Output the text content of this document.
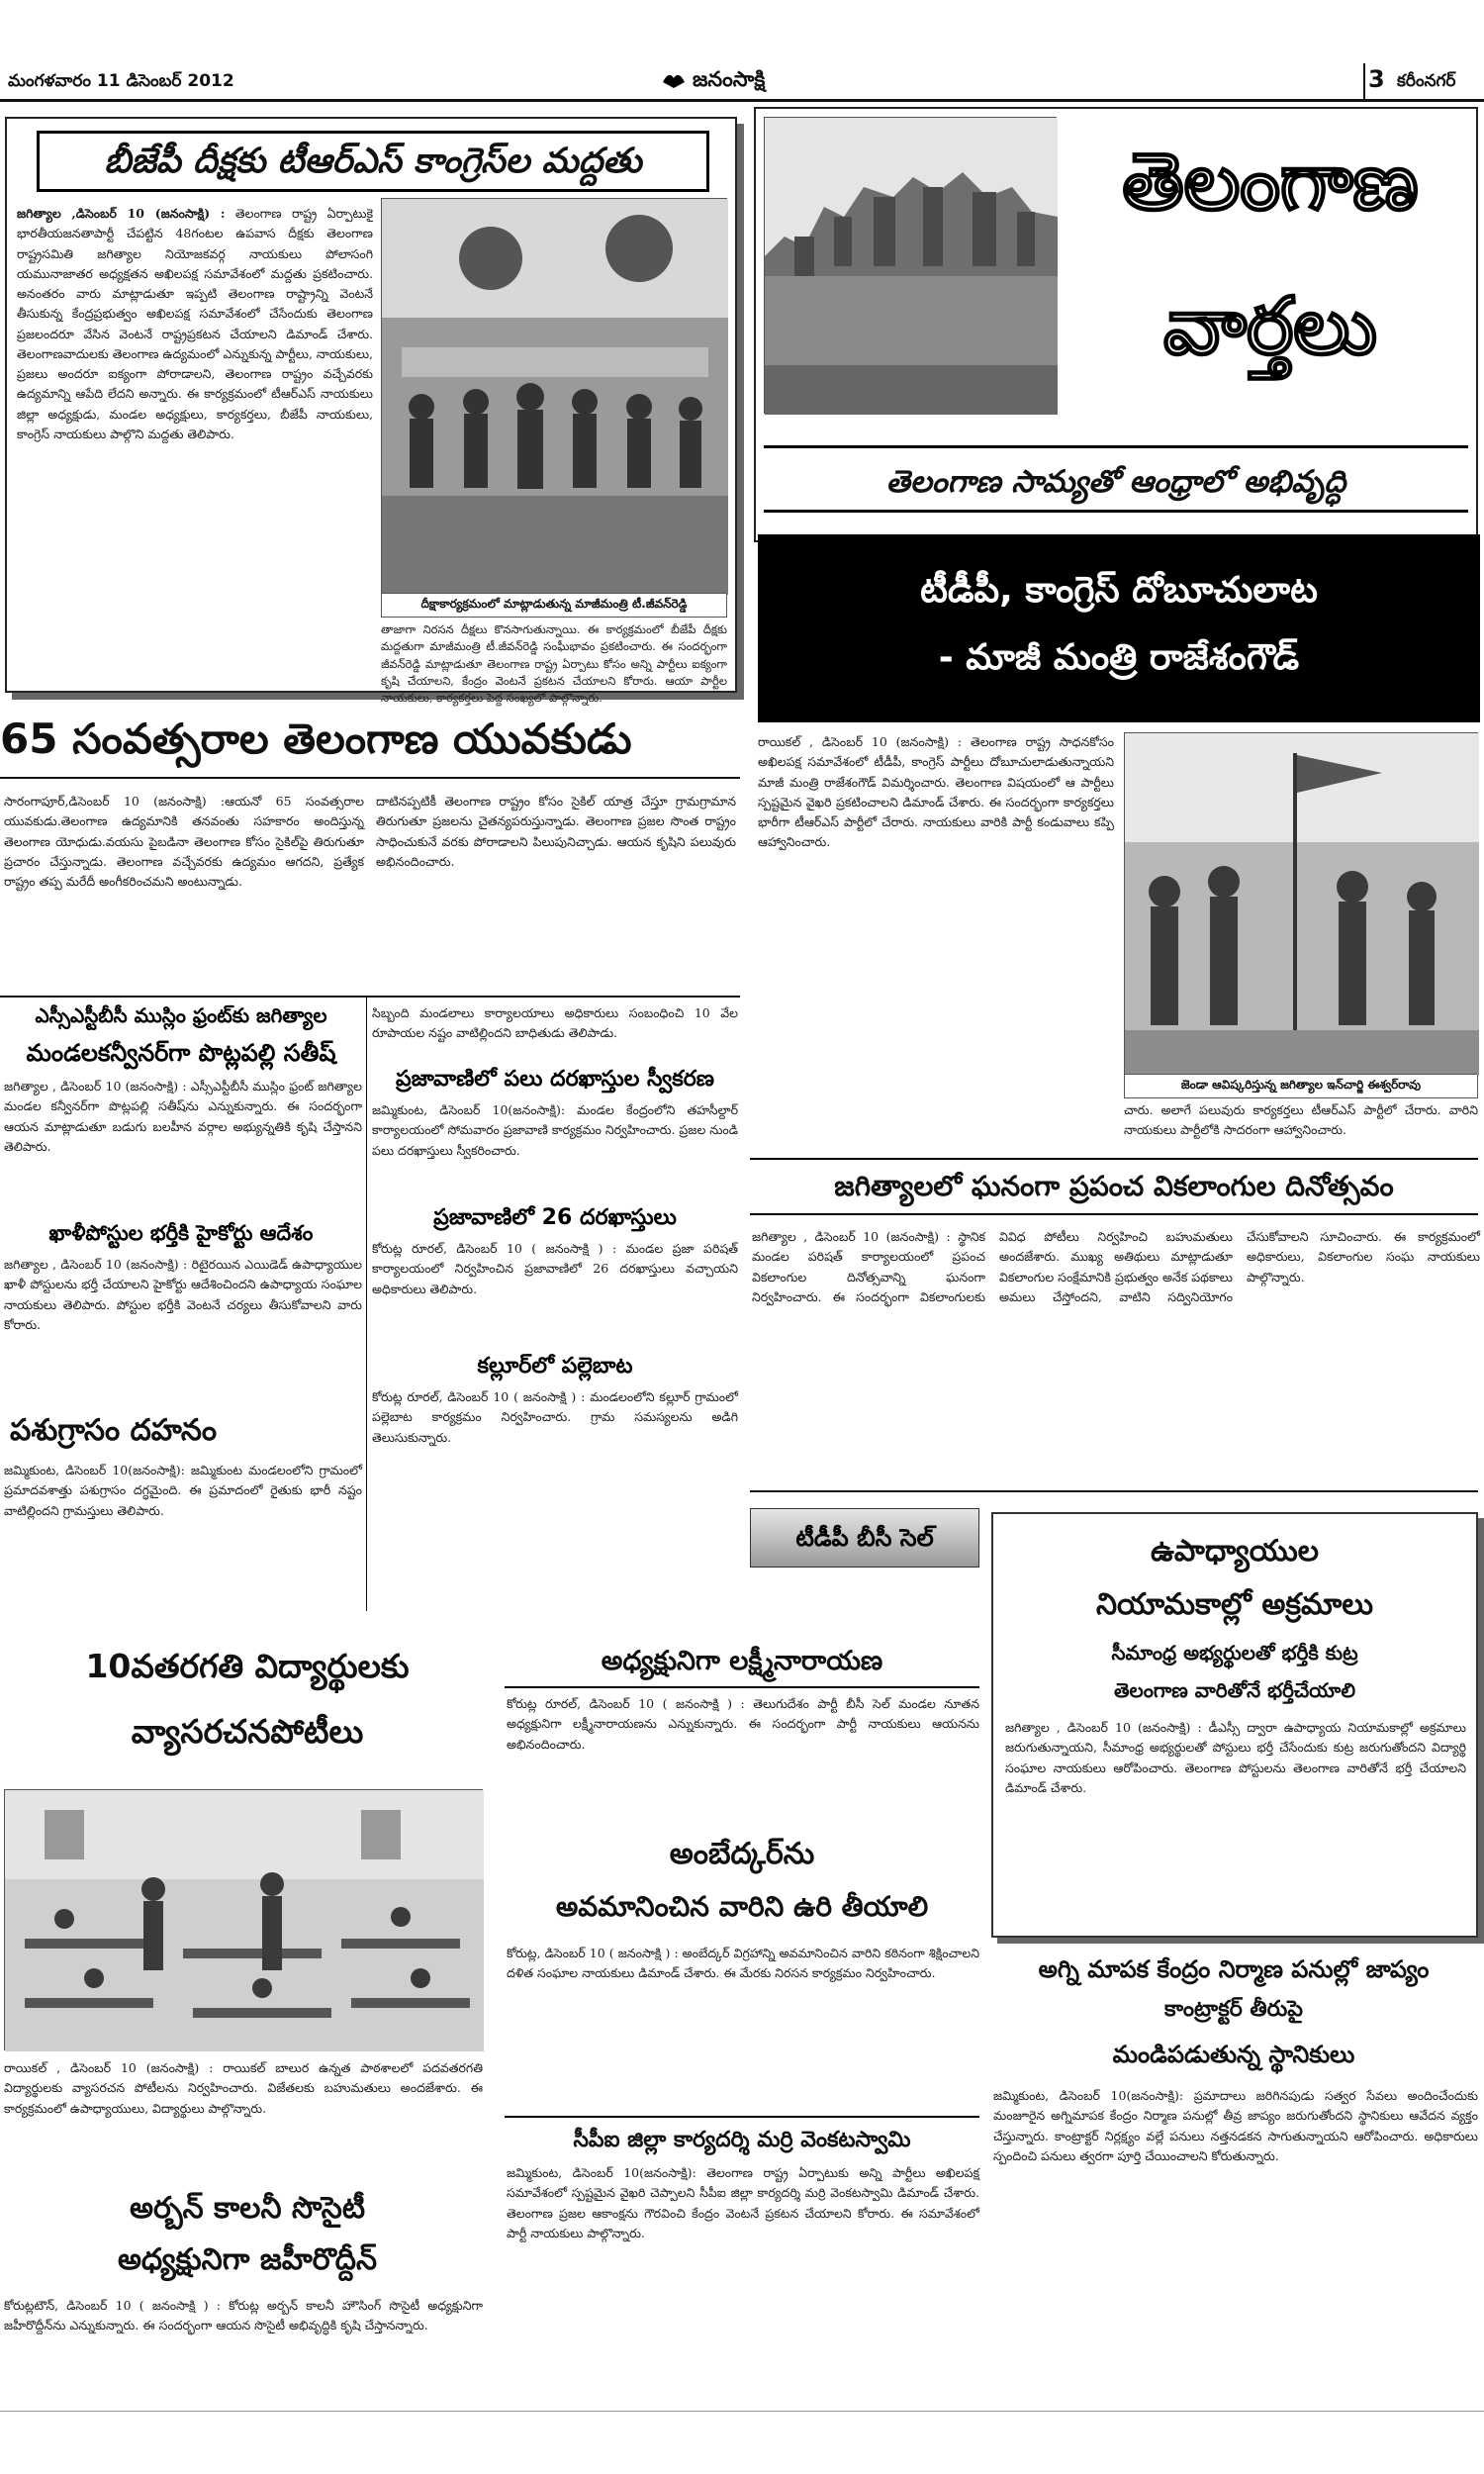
మంగళవారం 11 డిసెంబర్ 2012	జనంసాక్షి	3 కరీంనగర్
బీజేపీ దీక్షకు టీఆర్ఎస్ కాంగ్రెస్‌ల మద్దతు
జగిత్యాల ,డిసెంబర్ 10 (జనంసాక్షి) : తెలంగాణ రాష్ట్ర ఏర్పాటుకై భారతీయజనతాపార్టీ చేపట్టిన 48గంటల ఉపవాస దీక్షకు తెలంగాణ రాష్ట్రసమితి జగిత్యాల నియోజకవర్గ నాయకులు పోలాసంగి యమునాజాతర అధ్యక్షతన అఖిలపక్ష సమావేశంలో మద్దతు ప్రకటించారు. అనంతరం వారు మాట్లాడుతూ ఇప్పటి తెలంగాణ రాష్ట్రాన్ని వెంటనే తీసుకున్న కేంద్రప్రభుత్వం అఖిలపక్ష సమావేశంలో చేసేందుకు తెలంగాణ ప్రజలందరూ వేసిన వెంటనే రాష్ట్రప్రకటన చేయాలని డిమాండ్ చేశారు. తెలంగాణవాదులకు తెలంగాణ ఉద్యమంలో ఎన్నుకున్న పార్టీలు, నాయకులు, ప్రజలు అందరూ ఐక్యంగా పోరాడాలని, తెలంగాణ రాష్ట్రం వచ్చేవరకు ఉద్యమాన్ని ఆపేది లేదని అన్నారు. ఈ కార్యక్రమంలో టీఆర్ఎస్ నాయకులు జిల్లా అధ్యక్షుడు, మండల అధ్యక్షులు, కార్యకర్తలు, బీజేపీ నాయకులు, కాంగ్రెస్ నాయకులు పాల్గొని మద్దతు తెలిపారు.
దీక్షాకార్యక్రమంలో మాట్లాడుతున్న మాజీమంత్రి టీ.జీవన్‌రెడ్డి
తాజాగా నిరసన దీక్షలు కొనసాగుతున్నాయి. ఈ కార్యక్రమంలో బీజేపీ దీక్షకు మద్దతుగా మాజీమంత్రి టీ.జీవన్‌రెడ్డి సంఘీభావం ప్రకటించారు. ఈ సందర్భంగా జీవన్‌రెడ్డి మాట్లాడుతూ తెలంగాణ రాష్ట్ర ఏర్పాటు కోసం అన్ని పార్టీలు ఐక్యంగా కృషి చేయాలని, కేంద్రం వెంటనే ప్రకటన చేయాలని కోరారు. ఆయా పార్టీల నాయకులు, కార్యకర్తలు పెద్ద సంఖ్యలో పాల్గొన్నారు.
తెలంగాణ
వార్తలు
తెలంగాణ సామ్యతో ఆంధ్రాలో అభివృద్ధి
టీడీపీ, కాంగ్రెస్ దోబూచులాట
- మాజీ మంత్రి రాజేశంగౌడ్
రాయికల్ , డిసెంబర్ 10 (జనంసాక్షి) : తెలంగాణ రాష్ట్ర సాధనకోసం అఖిలపక్ష సమావేశంలో టీడీపీ, కాంగ్రెస్ పార్టీలు దోబూచులాడుతున్నాయని మాజీ మంత్రి రాజేశంగౌడ్ విమర్శించారు. తెలంగాణ విషయంలో ఆ పార్టీలు స్పష్టమైన వైఖరి ప్రకటించాలని డిమాండ్ చేశారు. ఈ సందర్భంగా కార్యకర్తలు భారీగా టీఆర్ఎస్ పార్టీలో చేరారు. నాయకులు వారికి పార్టీ కండువాలు కప్పి ఆహ్వానించారు.
జెండా ఆవిష్కరిస్తున్న జగిత్యాల ఇన్‌చార్జి ఈశ్వర్‌రావు
చారు. అలాగే పలువురు కార్యకర్తలు టీఆర్ఎస్ పార్టీలో చేరారు. వారిని నాయకులు పార్టీలోకి సాదరంగా ఆహ్వానించారు.
65 సంవత్సరాల తెలంగాణ యువకుడు
సారంగాపూర్,డిసెంబర్ 10 (జనంసాక్షి) :ఆయనో 65 సంవత్సరాల యువకుడు.తెలంగాణ ఉద్యమానికి తనవంతు సహకారం అందిస్తున్న తెలంగాణ యోధుడు.వయసు పైబడినా తెలంగాణ కోసం సైకిల్‌పై తిరుగుతూ ప్రచారం చేస్తున్నాడు. తెలంగాణ వచ్చేవరకు ఉద్యమం ఆగదని, ప్రత్యేక రాష్ట్రం తప్ప మరేదీ అంగీకరించమని అంటున్నాడు.
దాటినప్పటికీ తెలంగాణ రాష్ట్రం కోసం సైకిల్ యాత్ర చేస్తూ గ్రామగ్రామాన తిరుగుతూ ప్రజలను చైతన్యపరుస్తున్నాడు. తెలంగాణ ప్రజల సొంత రాష్ట్రం సాధించుకునే వరకు పోరాడాలని పిలుపునిచ్చాడు. ఆయన కృషిని పలువురు అభినందించారు.
ఎస్సీఎస్టీబీసీ ముస్లిం ఫ్రంట్‌కు జగిత్యాల
మండలకన్వీనర్‌గా పొట్లపల్లి సతీష్
జగిత్యాల , డిసెంబర్ 10 (జనంసాక్షి) : ఎస్సీఎస్టీబీసీ ముస్లిం ఫ్రంట్ జగిత్యాల మండల కన్వీనర్‌గా పొట్లపల్లి సతీష్‌ను ఎన్నుకున్నారు. ఈ సందర్భంగా ఆయన మాట్లాడుతూ బడుగు బలహీన వర్గాల అభ్యున్నతికి కృషి చేస్తానని తెలిపారు.
ఖాళీపోస్టుల భర్తీకి హైకోర్టు ఆదేశం
జగిత్యాల , డిసెంబర్ 10 (జనంసాక్షి) : రిటైరయిన ఎయిడెడ్ ఉపాధ్యాయుల ఖాళీ పోస్టులను భర్తీ చేయాలని హైకోర్టు ఆదేశించిందని ఉపాధ్యాయ సంఘాల నాయకులు తెలిపారు. పోస్టుల భర్తీకి వెంటనే చర్యలు తీసుకోవాలని వారు కోరారు.
పశుగ్రాసం దహనం
జమ్మికుంట, డిసెంబర్ 10(జనంసాక్షి): జమ్మికుంట మండలంలోని గ్రామంలో ప్రమాదవశాత్తు పశుగ్రాసం దగ్ధమైంది. ఈ ప్రమాదంలో రైతుకు భారీ నష్టం వాటిల్లిందని గ్రామస్తులు తెలిపారు.
సిబ్బంది మండలాలు కార్యాలయాలు అధికారులు సంబంధించి 10 వేల రూపాయల నష్టం వాటిల్లిందని బాధితుడు తెలిపాడు.
ప్రజావాణిలో పలు దరఖాస్తుల స్వీకరణ
జమ్మికుంట, డిసెంబర్ 10(జనంసాక్షి): మండల కేంద్రంలోని తహసీల్దార్ కార్యాలయంలో సోమవారం ప్రజావాణి కార్యక్రమం నిర్వహించారు. ప్రజల నుండి పలు దరఖాస్తులు స్వీకరించారు.
ప్రజావాణిలో 26 దరఖాస్తులు
కోరుట్ల రూరల్, డిసెంబర్ 10 ( జనంసాక్షి ) : మండల ప్రజా పరిషత్ కార్యాలయంలో నిర్వహించిన ప్రజావాణిలో 26 దరఖాస్తులు వచ్చాయని అధికారులు తెలిపారు.
కల్లూర్‌లో పల్లెబాట
కోరుట్ల రూరల్, డిసెంబర్ 10 ( జనంసాక్షి ) : మండలంలోని కల్లూర్ గ్రామంలో పల్లెబాట కార్యక్రమం నిర్వహించారు. గ్రామ సమస్యలను అడిగి తెలుసుకున్నారు.
జగిత్యాలలో ఘనంగా ప్రపంచ వికలాంగుల దినోత్సవం
జగిత్యాల , డిసెంబర్ 10 (జనంసాక్షి) : స్థానిక మండల పరిషత్ కార్యాలయంలో ప్రపంచ వికలాంగుల దినోత్సవాన్ని ఘనంగా నిర్వహించారు. ఈ సందర్భంగా వికలాంగులకు వివిధ పోటీలు నిర్వహించి బహుమతులు అందజేశారు. ముఖ్య అతిథులు మాట్లాడుతూ వికలాంగుల సంక్షేమానికి ప్రభుత్వం అనేక పథకాలు అమలు చేస్తోందని, వాటిని సద్వినియోగం చేసుకోవాలని సూచించారు. ఈ కార్యక్రమంలో అధికారులు, వికలాంగుల సంఘ నాయకులు పాల్గొన్నారు.
టీడీపీ బీసీ సెల్
అధ్యక్షునిగా లక్ష్మీనారాయణ
కోరుట్ల రూరల్, డిసెంబర్ 10 ( జనంసాక్షి ) : తెలుగుదేశం పార్టీ బీసీ సెల్ మండల నూతన అధ్యక్షునిగా లక్ష్మీనారాయణను ఎన్నుకున్నారు. ఈ సందర్భంగా పార్టీ నాయకులు ఆయనను అభినందించారు.
10వతరగతి విద్యార్థులకు
వ్యాసరచనపోటీలు
రాయికల్ , డిసెంబర్ 10 (జనంసాక్షి) : రాయికల్ బాలుర ఉన్నత పాఠశాలలో పదవతరగతి విద్యార్థులకు వ్యాసరచన పోటీలను నిర్వహించారు. విజేతలకు బహుమతులు అందజేశారు. ఈ కార్యక్రమంలో ఉపాధ్యాయులు, విద్యార్థులు పాల్గొన్నారు.
అర్బన్ కాలనీ సొసైటీ
అధ్యక్షునిగా జహీరొద్దీన్
కోరుట్లటౌన్, డిసెంబర్ 10 ( జనంసాక్షి ) : కోరుట్ల అర్బన్ కాలనీ హౌసింగ్ సొసైటీ అధ్యక్షునిగా జహీరొద్దీన్‌ను ఎన్నుకున్నారు. ఈ సందర్భంగా ఆయన సొసైటీ అభివృద్ధికి కృషి చేస్తానన్నారు.
అంబేద్కర్‌ను
అవమానించిన వారిని ఉరి తీయాలి
కోరుట్ల, డిసెంబర్ 10 ( జనంసాక్షి ) : అంబేద్కర్ విగ్రహాన్ని అవమానించిన వారిని కఠినంగా శిక్షించాలని దళిత సంఘాల నాయకులు డిమాండ్ చేశారు. ఈ మేరకు నిరసన కార్యక్రమం నిర్వహించారు.
సీపీఐ జిల్లా కార్యదర్శి మర్రి వెంకటస్వామి
జమ్మికుంట, డిసెంబర్ 10(జనంసాక్షి): తెలంగాణ రాష్ట్ర ఏర్పాటుకు అన్ని పార్టీలు అఖిలపక్ష సమావేశంలో స్పష్టమైన వైఖరి చెప్పాలని సీపీఐ జిల్లా కార్యదర్శి మర్రి వెంకటస్వామి డిమాండ్ చేశారు. తెలంగాణ ప్రజల ఆకాంక్షను గౌరవించి కేంద్రం వెంటనే ప్రకటన చేయాలని కోరారు. ఈ సమావేశంలో పార్టీ నాయకులు పాల్గొన్నారు.
ఉపాధ్యాయుల
నియామకాల్లో అక్రమాలు
సీమాంధ్ర అభ్యర్థులతో భర్తీకి కుట్ర
తెలంగాణ వారితోనే భర్తీచేయాలి
జగిత్యాల , డిసెంబర్ 10 (జనంసాక్షి) : డీఎస్సీ ద్వారా ఉపాధ్యాయ నియామకాల్లో అక్రమాలు జరుగుతున్నాయని, సీమాంధ్ర అభ్యర్థులతో పోస్టులు భర్తీ చేసేందుకు కుట్ర జరుగుతోందని విద్యార్థి సంఘాల నాయకులు ఆరోపించారు. తెలంగాణ పోస్టులను తెలంగాణ వారితోనే భర్తీ చేయాలని డిమాండ్ చేశారు.
అగ్ని మాపక కేంద్రం నిర్మాణ పనుల్లో జాప్యం
కాంట్రాక్టర్ తీరుపై
మండిపడుతున్న స్థానికులు
జమ్మికుంట, డిసెంబర్ 10(జనంసాక్షి): ప్రమాదాలు జరిగినపుడు సత్వర సేవలు అందించేందుకు మంజూరైన అగ్నిమాపక కేంద్రం నిర్మాణ పనుల్లో తీవ్ర జాప్యం జరుగుతోందని స్థానికులు ఆవేదన వ్యక్తం చేస్తున్నారు. కాంట్రాక్టర్ నిర్లక్ష్యం వల్లే పనులు నత్తనడకన సాగుతున్నాయని ఆరోపించారు. అధికారులు స్పందించి పనులు త్వరగా పూర్తి చేయించాలని కోరుతున్నారు.
